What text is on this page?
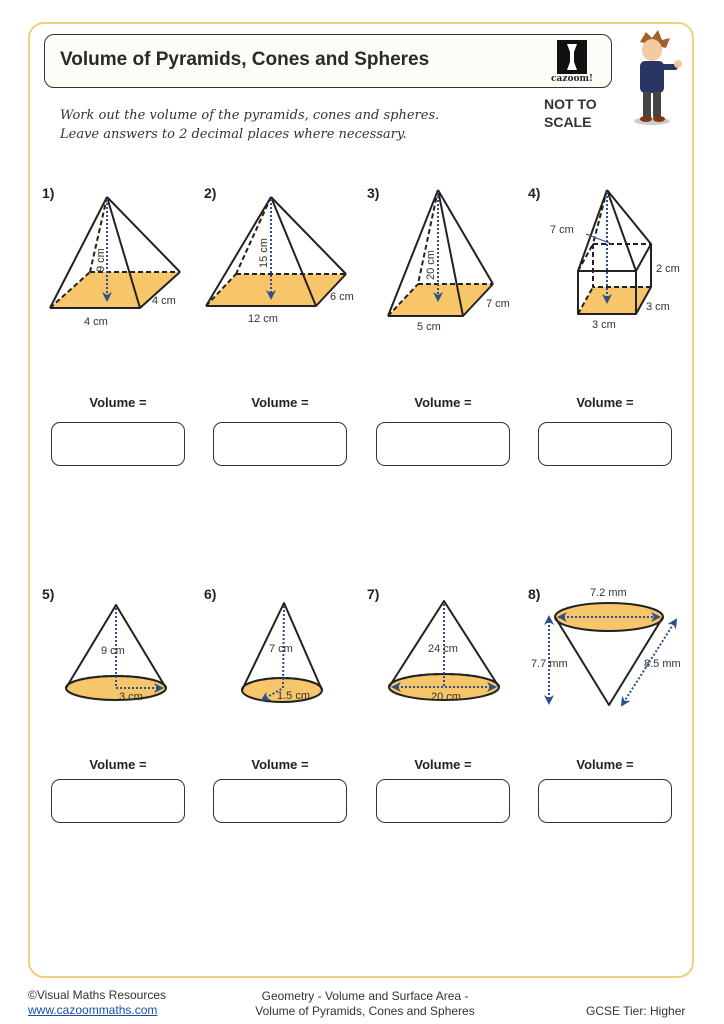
Volume of Pyramids, Cones and Spheres
cazoom!
NOT TO
SCALE
Work out the volume of the pyramids, cones and spheres.
Leave answers to 2 decimal places where necessary.
1)	2)	3)	4)
5)	6)	7)	8)
Volume =	Volume =	Volume =	Volume =
Volume =	Volume =	Volume =	Volume =
9 cm
4 cm
4 cm
15 cm
6 cm
12 cm
20 cm
7 cm
5 cm
7 cm
2 cm
3 cm
3 cm
9 cm
3 cm
7 cm
1.5 cm
24 cm
20 cm
7.2 mm
7.7 mm	8.5 mm
©Visual Maths Resources
www.cazoommaths.com
Geometry - Volume and Surface Area -
Volume of Pyramids, Cones and Spheres	GCSE Tier: Higher
